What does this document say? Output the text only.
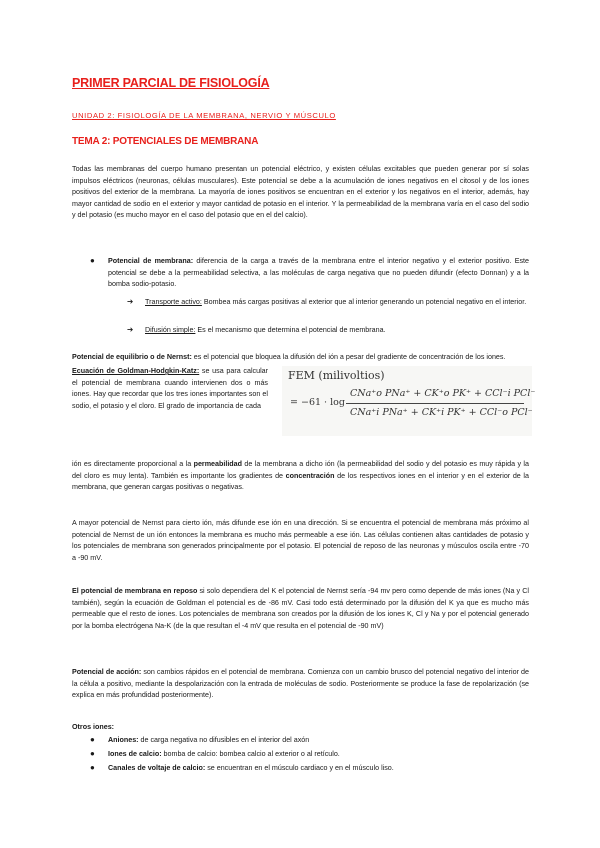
PRIMER PARCIAL DE FISIOLOGÍA
UNIDAD 2: FISIOLOGÍA DE LA MEMBRANA, NERVIO Y MÚSCULO
TEMA 2: POTENCIALES DE MEMBRANA

Todas las membranas del cuerpo humano presentan un potencial eléctrico, y existen células excitables que pueden generar por sí solas impulsos eléctricos (neuronas, células musculares). Este potencial se debe a la acumulación de iones negativos en el citosol y de los iones positivos del exterior de la membrana. La mayoría de iones positivos se encuentran en el exterior y los negativos en el interior, además, hay mayor cantidad de sodio en el exterior y mayor cantidad de potasio en el interior. Y la permeabilidad de la membrana varía en el caso del sodio y del potasio (es mucho mayor en el caso del potasio que en el del calcio).

● Potencial de membrana: diferencia de la carga a través de la membrana entre el interior negativo y el exterior positivo. Este potencial se debe a la permeabilidad selectiva, a las moléculas de carga negativa que no pueden difundir (efecto Donnan) y a la bomba sodio-potasio.

➔ Transporte activo: Bombea más cargas positivas al exterior que al interior generando un potencial negativo en el interior.

➔ Difusión simple: Es el mecanismo que determina el potencial de membrana.

Potencial de equilibrio o de Nernst: es el potencial que bloquea la difusión del ión a pesar del gradiente de concentración de los iones.

Ecuación de Goldman-Hodgkin-Katz: se usa para calcular el potencial de membrana cuando intervienen dos o más iones. Hay que recordar que los tres iones importantes son el sodio, el potasio y el cloro. El grado de importancia de cada

ión es directamente proporcional a la permeabilidad de la membrana a dicho ión (la permeabilidad del sodio y del potasio es muy rápida y la del cloro es muy lenta). También es importante los gradientes de concentración de los respectivos iones en el interior y en el exterior de la membrana, que generan cargas positivas o negativas.

FEM (milivoltios)
= −61 · log
CNa⁺o PNa⁺ + CK⁺o PK⁺ + CCl⁻i PCl⁻
CNa⁺i PNa⁺ + CK⁺i PK⁺ + CCl⁻o PCl⁻

A mayor potencial de Nernst para cierto ión, más difunde ese ión en una dirección. Si se encuentra el potencial de membrana más próximo al potencial de Nernst de un ión entonces la membrana es mucho más permeable a ese ión. Las células contienen altas cantidades de potasio y los potenciales de membrana son generados principalmente por el potasio. El potencial de reposo de las neuronas y músculos oscila entre -70 a -90 mV.

El potencial de membrana en reposo si solo dependiera del K el potencial de Nernst sería -94 mv pero como depende de más iones (Na y Cl también), según la ecuación de Goldman el potencial es de -86 mV. Casi todo está determinado por la difusión del K ya que es mucho más permeable que el resto de iones. Los potenciales de membrana son creados por la difusión de los iones K, Cl y Na y por el potencial generado por la bomba electrógena Na-K (de la que resultan el -4 mV que resulta en el potencial de -90 mV)

Potencial de acción: son cambios rápidos en el potencial de membrana. Comienza con un cambio brusco del potencial negativo del interior de la célula a positivo, mediante la despolarización con la entrada de moléculas de sodio. Posteriormente se produce la fase de repolarización (se explica en más profundidad posteriormente).

Otros iones:

● Aniones: de carga negativa no difusibles en el interior del axón

● Iones de calcio: bomba de calcio: bombea calcio al exterior o al retículo.

● Canales de voltaje de calcio: se encuentran en el músculo cardiaco y en el músculo liso.
